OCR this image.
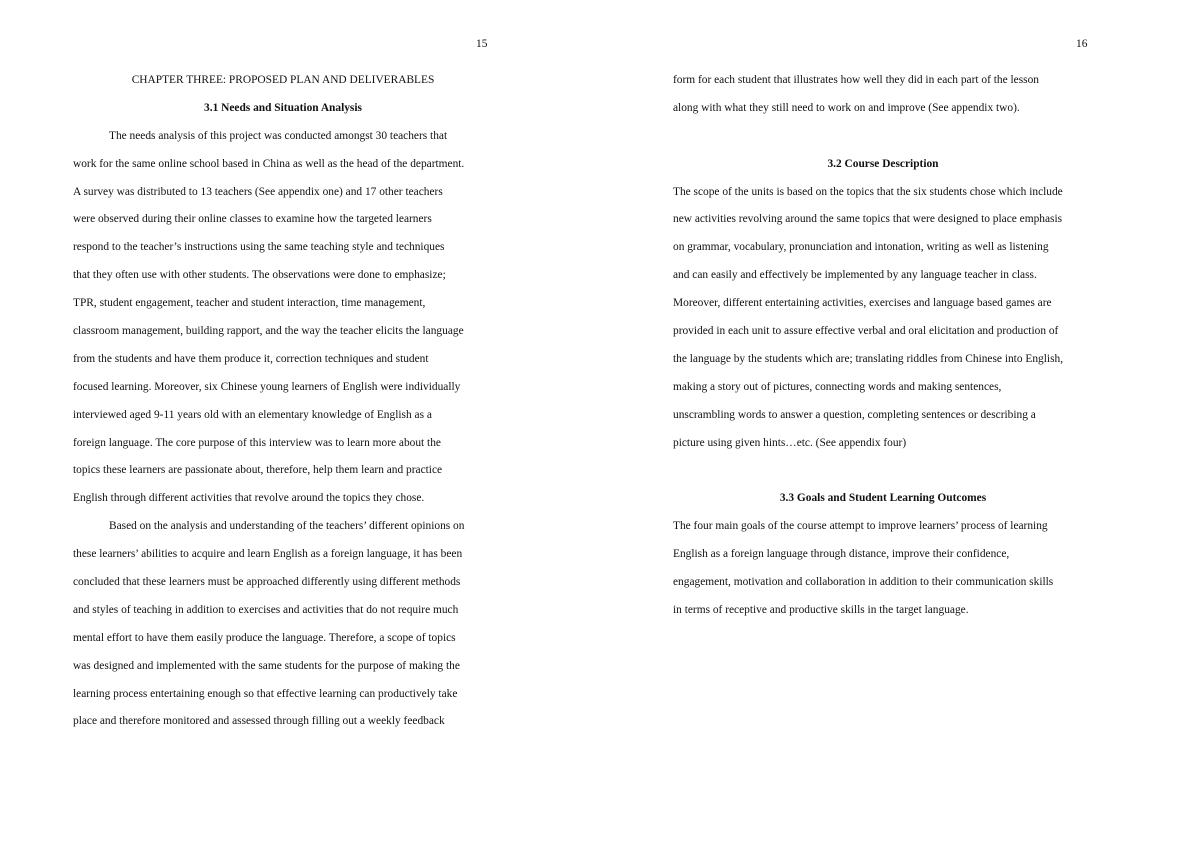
15
CHAPTER THREE: PROPOSED PLAN AND DELIVERABLES
3.1 Needs and Situation Analysis
The needs analysis of this project was conducted amongst 30 teachers that
work for the same online school based in China as well as the head of the department.
A survey was distributed to 13 teachers (See appendix one) and 17 other teachers
were observed during their online classes to examine how the targeted learners
respond to the teacher’s instructions using the same teaching style and techniques
that they often use with other students. The observations were done to emphasize;
TPR, student engagement, teacher and student interaction, time management,
classroom management, building rapport, and the way the teacher elicits the language
from the students and have them produce it, correction techniques and student
focused learning. Moreover, six Chinese young learners of English were individually
interviewed aged 9-11 years old with an elementary knowledge of English as a
foreign language. The core purpose of this interview was to learn more about the
topics these learners are passionate about, therefore, help them learn and practice
English through different activities that revolve around the topics they chose.
Based on the analysis and understanding of the teachers’ different opinions on
these learners’ abilities to acquire and learn English as a foreign language, it has been
concluded that these learners must be approached differently using different methods
and styles of teaching in addition to exercises and activities that do not require much
mental effort to have them easily produce the language. Therefore, a scope of topics
was designed and implemented with the same students for the purpose of making the
learning process entertaining enough so that effective learning can productively take
place and therefore monitored and assessed through filling out a weekly feedback
16
form for each student that illustrates how well they did in each part of the lesson
along with what they still need to work on and improve (See appendix two).
3.2 Course Description
The scope of the units is based on the topics that the six students chose which include
new activities revolving around the same topics that were designed to place emphasis
on grammar, vocabulary, pronunciation and intonation, writing as well as listening
and can easily and effectively be implemented by any language teacher in class.
Moreover, different entertaining activities, exercises and language based games are
provided in each unit to assure effective verbal and oral elicitation and production of
the language by the students which are; translating riddles from Chinese into English,
making a story out of pictures, connecting words and making sentences,
unscrambling words to answer a question, completing sentences or describing a
picture using given hints…etc. (See appendix four)
3.3 Goals and Student Learning Outcomes
The four main goals of the course attempt to improve learners’ process of learning
English as a foreign language through distance, improve their confidence,
engagement, motivation and collaboration in addition to their communication skills
in terms of receptive and productive skills in the target language.
